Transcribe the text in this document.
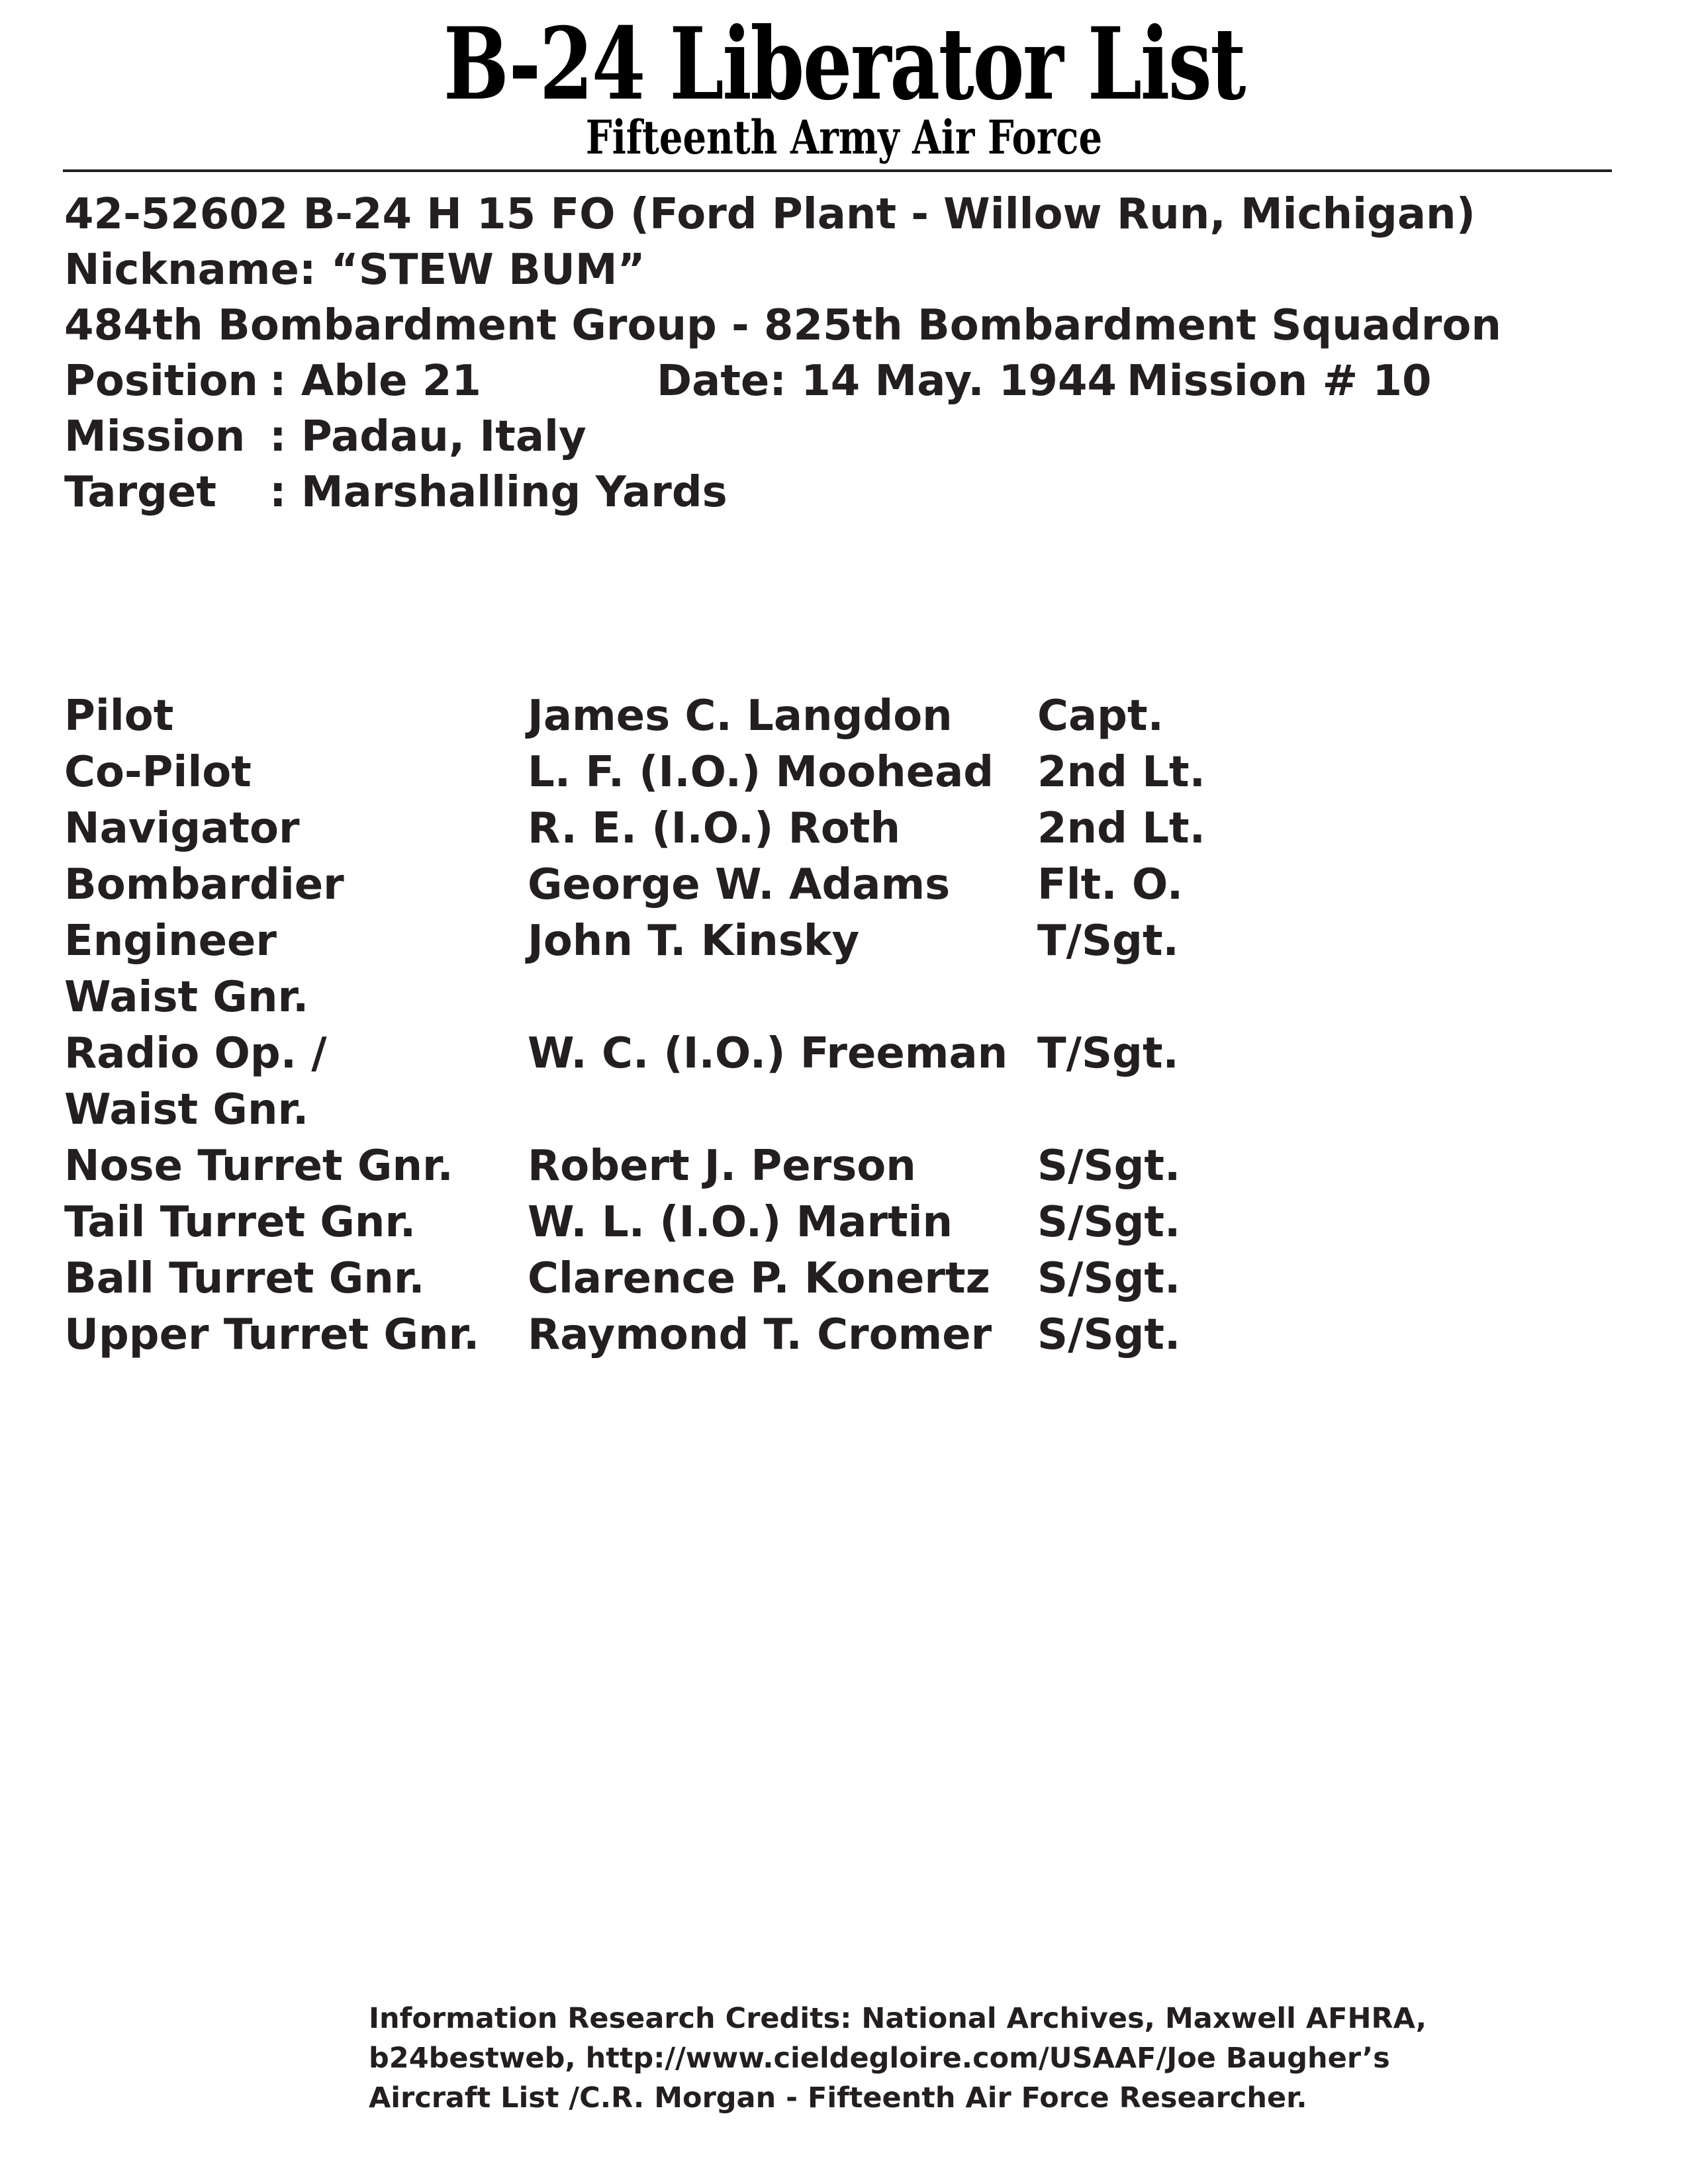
B-24 Liberator List
Fifteenth Army Air Force
42-52602 B-24 H 15 FO (Ford Plant - Willow Run, Michigan)
Nickname: “STEW BUM”
484th Bombardment Group - 825th Bombardment Squadron
Position : Able 21	Date: 14 May. 1944 Mission # 10
Mission : Padau, Italy
Target : Marshalling Yards
Pilot	James C. Langdon Capt.
Co-Pilot	L. F. (I.O.) Moohead 2nd Lt.
Navigator	R. E. (I.O.) Roth	2nd Lt.
Bombardier	George W. Adams Flt. O.
Engineer	John T. Kinsky	T/Sgt.
Waist Gnr.
Radio Op. /	W. C. (I.O.) Freeman T/Sgt.
Waist Gnr.
Nose Turret Gnr. Robert J. Person	S/Sgt.
Tail Turret Gnr.	W. L. (I.O.) Martin S/Sgt.
Ball Turret Gnr. Clarence P. Konertz S/Sgt.
Upper Turret Gnr. Raymond T. Cromer S/Sgt.
Information Research Credits: National Archives, Maxwell AFHRA,
b24bestweb, http://www.cieldegloire.com/USAAF/Joe Baugher’s
Aircraft List /C.R. Morgan - Fifteenth Air Force Researcher.
